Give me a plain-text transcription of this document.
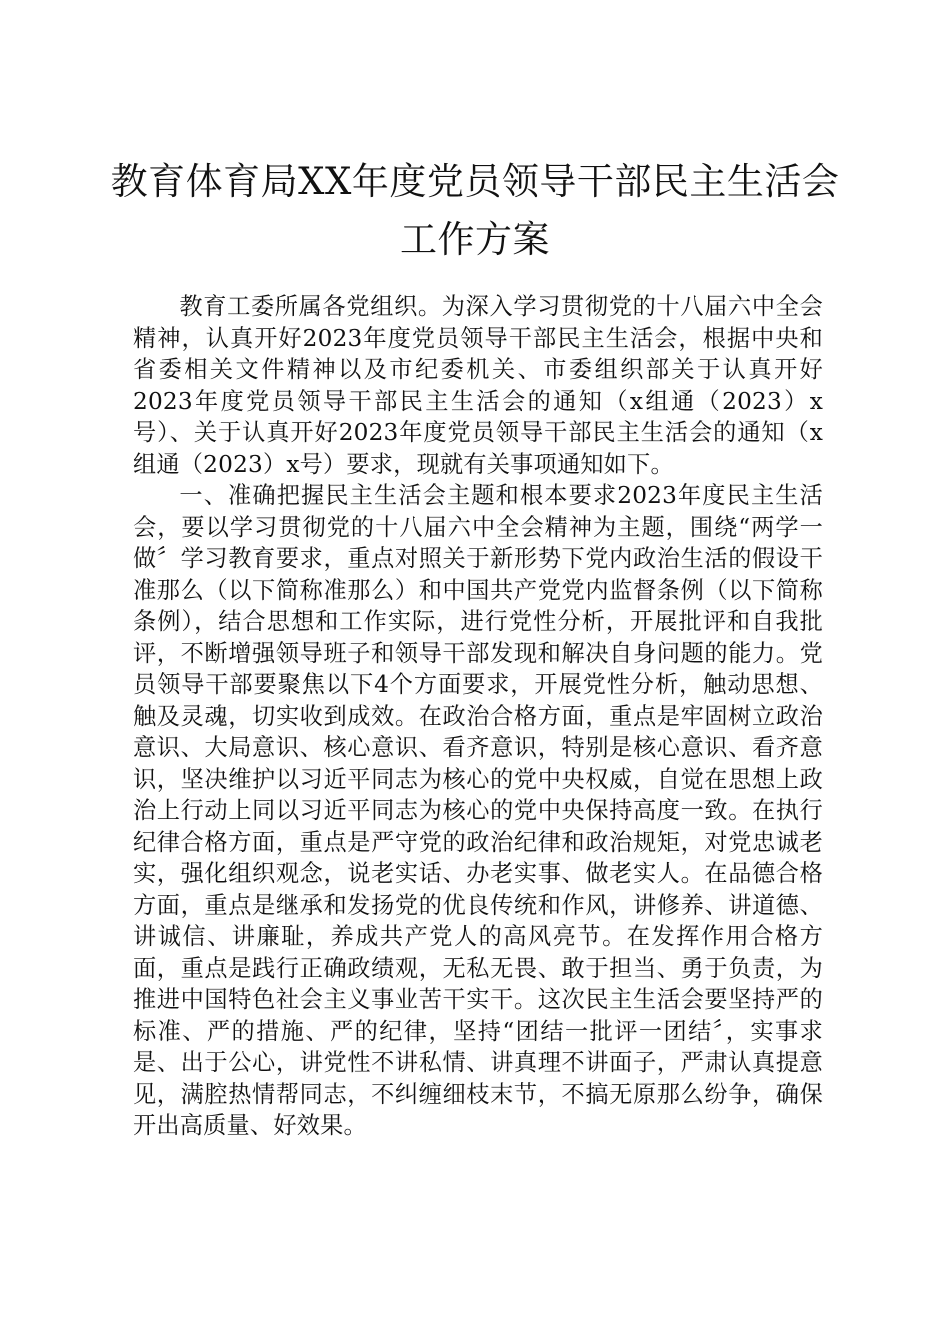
教育体育局XX年度党员领导干部民主生活会
工作方案

教育工委所属各党组织。为深入学习贯彻党的十八届六中全会精神，认真开好2023年度党员领导干部民主生活会，根据中央和省委相关文件精神以及市纪委机关、市委组织部关于认真开好2023年度党员领导干部民主生活会的通知（x组通（2023）x号）、关于认真开好2023年度党员领导干部民主生活会的通知（x组通（2023）x号）要求，现就有关事项通知如下。

一、准确把握民主生活会主题和根本要求2023年度民主生活会，要以学习贯彻党的十八届六中全会精神为主题，围绕“两学一做〞学习教育要求，重点对照关于新形势下党内政治生活的假设干准那么（以下简称准那么）和中国共产党党内监督条例（以下简称条例），结合思想和工作实际，进行党性分析，开展批评和自我批评，不断增强领导班子和领导干部发现和解决自身问题的能力。党员领导干部要聚焦以下4个方面要求，开展党性分析，触动思想、触及灵魂，切实收到成效。在政治合格方面，重点是牢固树立政治意识、大局意识、核心意识、看齐意识，特别是核心意识、看齐意识，坚决维护以习近平同志为核心的党中央权威，自觉在思想上政治上行动上同以习近平同志为核心的党中央保持高度一致。在执行纪律合格方面，重点是严守党的政治纪律和政治规矩，对党忠诚老实，强化组织观念，说老实话、办老实事、做老实人。在品德合格方面，重点是继承和发扬党的优良传统和作风，讲修养、讲道德、讲诚信、讲廉耻，养成共产党人的高风亮节。在发挥作用合格方面，重点是践行正确政绩观，无私无畏、敢于担当、勇于负责，为推进中国特色社会主义事业苦干实干。这次民主生活会要坚持严的标准、严的措施、严的纪律，坚持“团结一批评一团结〞，实事求是、出于公心，讲党性不讲私情、讲真理不讲面子，严肃认真提意见，满腔热情帮同志，不纠缠细枝末节，不搞无原那么纷争，确保开出高质量、好效果。
